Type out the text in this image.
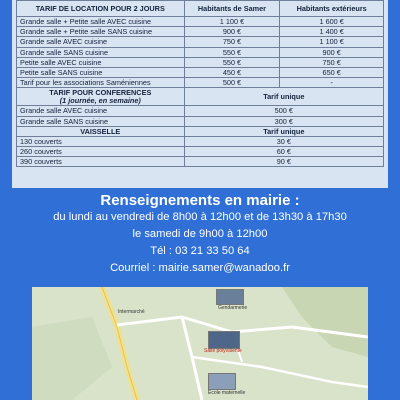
TARIF DE LOCATION POUR 2 JOURS	Habitants de Samer	Habitants extérieurs
Grande salle + Petite salle AVEC cuisine	1 100 €	1 600 €
Grande salle + Petite salle SANS cuisine	900 €	1 400 €
Grande salle AVEC cuisine	750 €	1 100 €
Grande salle SANS cuisine	550 €	900 €
Petite salle AVEC cuisine	550 €	750 €
Petite salle SANS cuisine	450 €	650 €
Tarif pour les associations Saméniennes	500 €	-

TARIF POUR CONFERENCES
(1 journée, en semaine)	Tarif unique	
Grande salle AVEC cuisine	500 €	
Grande salle SANS cuisine	300 €	
VAISSELLE	Tarif unique	
130 couverts	30 €	
260 couverts	60 €	
390 couverts	90 €	
Renseignements en mairie :
du lundi au vendredi de 8h00 à 12h00 et de 13h30 à 17h30
le samedi de 9h00 à 12h00
Tél : 03 21 33 50 64
Courriel : mairie.samer@wanadoo.fr
Intermarché
Gendarmerie
Salle polyvalente
Ecole maternelle
